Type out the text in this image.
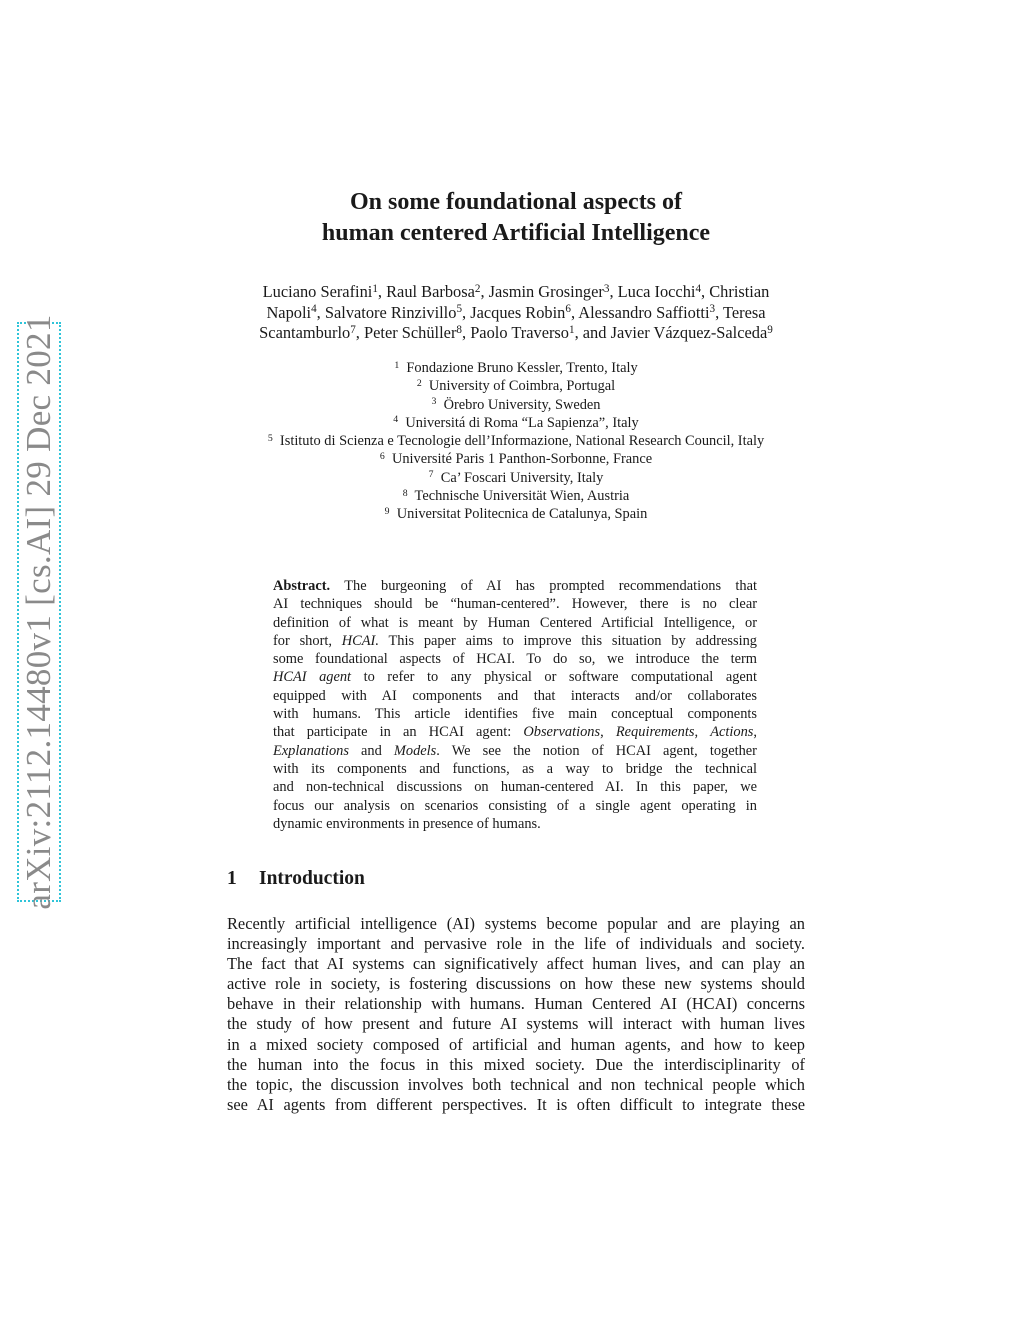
arXiv:2112.14480v1 [cs.AI] 29 Dec 2021
On some foundational aspects of
human centered Artificial Intelligence
Luciano Serafini$^1$, Raul Barbosa$^2$, Jasmin Grosinger$^3$, Luca Iocchi$^4$, Christian
Napoli$^4$, Salvatore Rinzivillo$^5$, Jacques Robin$^6$, Alessandro Saffiotti$^3$, Teresa
Scantamburlo$^7$, Peter Schüller$^8$, Paolo Traverso$^1$, and Javier Vázquez-Salceda$^9$
$^1$ Fondazione Bruno Kessler, Trento, Italy
$^2$ University of Coimbra, Portugal
$^3$ Örebro University, Sweden
$^4$ Universitá di Roma “La Sapienza”, Italy
$^5$ Istituto di Scienza e Tecnologie dell’Informazione, National Research Council, Italy
$^6$ Université Paris 1 Panthon-Sorbonne, France
$^7$ Ca’ Foscari University, Italy
$^8$ Technische Universität Wien, Austria
$^9$ Universitat Politecnica de Catalunya, Spain
Abstract. The burgeoning of AI has prompted recommendations that
AI techniques should be “human-centered”. However, there is no clear
definition of what is meant by Human Centered Artificial Intelligence, or
for short, HCAI. This paper aims to improve this situation by addressing
some foundational aspects of HCAI. To do so, we introduce the term
HCAI agent to refer to any physical or software computational agent
equipped with AI components and that interacts and/or collaborates
with humans. This article identifies five main conceptual components
that participate in an HCAI agent: Observations, Requirements, Actions,
Explanations and Models. We see the notion of HCAI agent, together
with its components and functions, as a way to bridge the technical
and non-technical discussions on human-centered AI. In this paper, we
focus our analysis on scenarios consisting of a single agent operating in
dynamic environments in presence of humans.
1 Introduction
Recently artificial intelligence (AI) systems become popular and are playing an
increasingly important and pervasive role in the life of individuals and society.
The fact that AI systems can significatively affect human lives, and can play an
active role in society, is fostering discussions on how these new systems should
behave in their relationship with humans. Human Centered AI (HCAI) concerns
the study of how present and future AI systems will interact with human lives
in a mixed society composed of artificial and human agents, and how to keep
the human into the focus in this mixed society. Due the interdisciplinarity of
the topic, the discussion involves both technical and non technical people which
see AI agents from different perspectives. It is often difficult to integrate these
